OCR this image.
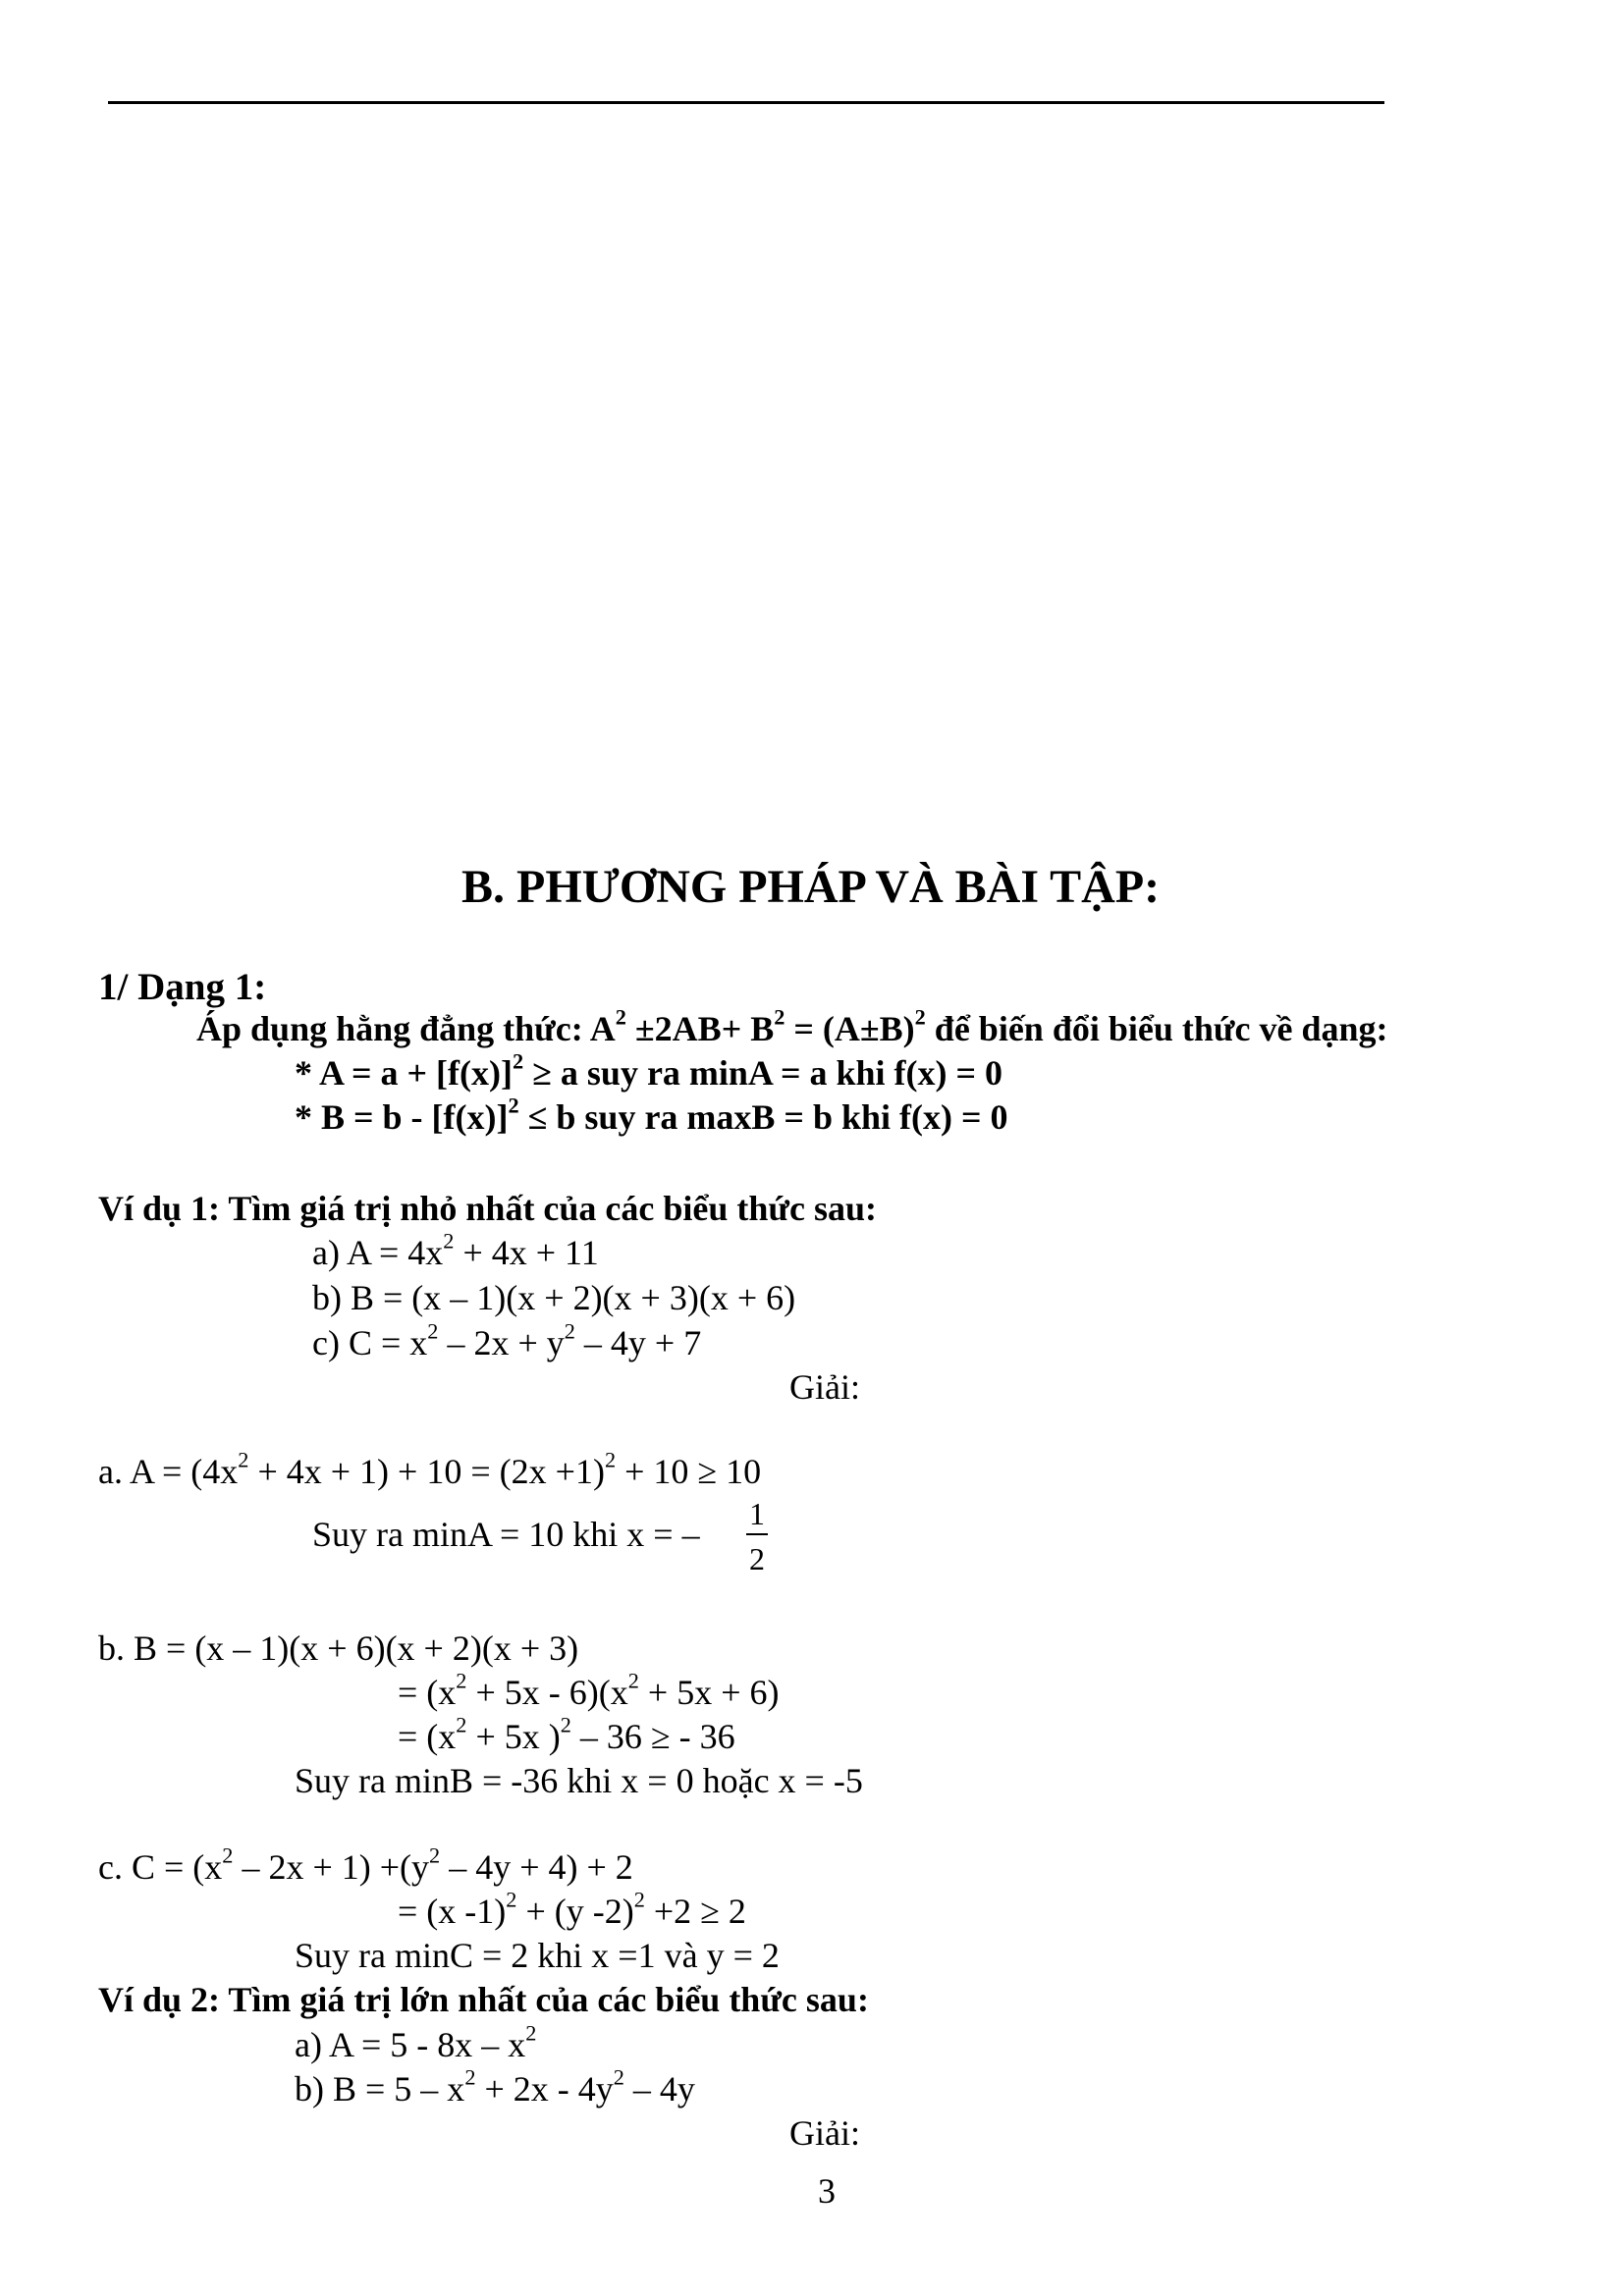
B. PHƯƠNG PHÁP VÀ BÀI TẬP:
1/ Dạng 1:
Áp dụng hằng đẳng thức: $A^2 \pm 2AB+ B^2 = (A\pm B)^2$ để biến đổi biểu thức về dạng:
* $A = a + [f(x)]^2 \ge a$ suy ra minA = a khi f(x) = 0
* $B = b - [f(x)]^2 \le b$ suy ra maxB = b khi f(x) = 0
Ví dụ 1: Tìm giá trị nhỏ nhất của các biểu thức sau:
a) $A = 4x^2 + 4x + 11$
b) B = (x – 1)(x + 2)(x + 3)(x + 6)
c) $C = x^2 - 2x + y^2 - 4y + 7$
Giải:
a. $A = (4x^2 + 4x + 1) + 10 = (2x +1)^2 + 10 \ge 10$
Suy ra minA = 10 khi x = –
1
2
b. B = (x – 1)(x + 6)(x + 2)(x + 3)
= $(x^2 + 5x - 6)(x^2 + 5x + 6)$
= ($x^2 + 5x$ )$^2$ – 36 ≥ - 36
Suy ra minB = -36 khi x = 0 hoặc x = -5
c. $C = (x^2 - 2x + 1) +(y^2 - 4y + 4) + 2$
= (x -1)$^2$ + (y -2)$^2$ +2 ≥ 2
Suy ra minC = 2 khi x =1 và y = 2
Ví dụ 2: Tìm giá trị lớn nhất của các biểu thức sau:
a) $A = 5 - 8x - x^2$
b) $B = 5 - x^2 + 2x - 4y^2 - 4y$
Giải:
3
